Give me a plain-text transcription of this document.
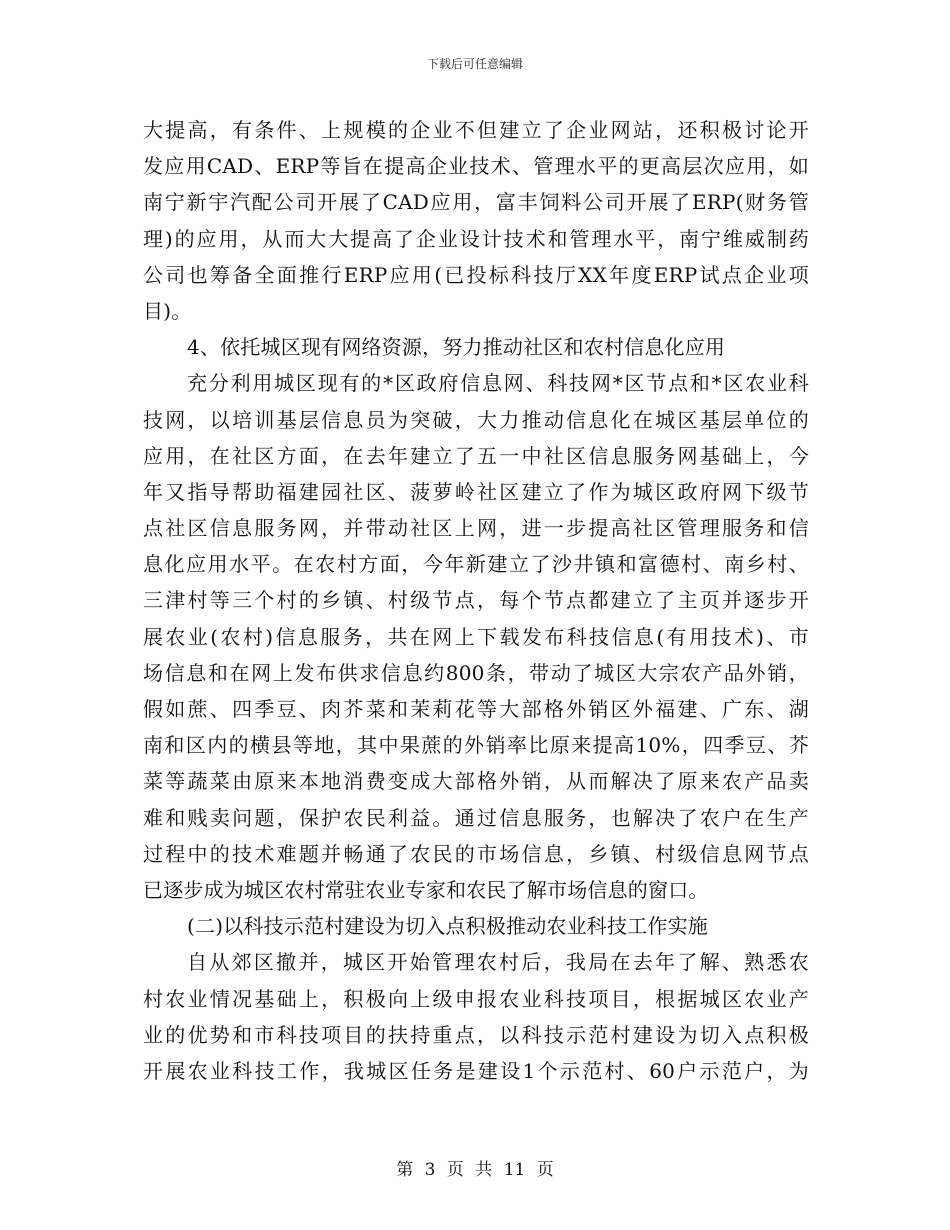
下载后可任意编辑
大提高，有条件、上规模的企业不但建立了企业网站，还积极讨论开
发应用CAD、ERP等旨在提高企业技术、管理水平的更高层次应用，如
南宁新宇汽配公司开展了CAD应用，富丰饲料公司开展了ERP(财务管
理)的应用，从而大大提高了企业设计技术和管理水平，南宁维威制药
公司也筹备全面推行ERP应用(已投标科技厅XX年度ERP试点企业项
目)。
4、依托城区现有网络资源，努力推动社区和农村信息化应用
充分利用城区现有的*区政府信息网、科技网*区节点和*区农业科
技网，以培训基层信息员为突破，大力推动信息化在城区基层单位的
应用，在社区方面，在去年建立了五一中社区信息服务网基础上，今
年又指导帮助福建园社区、菠萝岭社区建立了作为城区政府网下级节
点社区信息服务网，并带动社区上网，进一步提高社区管理服务和信
息化应用水平。在农村方面，今年新建立了沙井镇和富德村、南乡村、
三津村等三个村的乡镇、村级节点，每个节点都建立了主页并逐步开
展农业(农村)信息服务，共在网上下载发布科技信息(有用技术)、市
场信息和在网上发布供求信息约800条，带动了城区大宗农产品外销，
假如蔗、四季豆、肉芥菜和茉莉花等大部格外销区外福建、广东、湖
南和区内的横县等地，其中果蔗的外销率比原来提高10%，四季豆、芥
菜等蔬菜由原来本地消费变成大部格外销，从而解决了原来农产品卖
难和贱卖问题，保护农民利益。通过信息服务，也解决了农户在生产
过程中的技术难题并畅通了农民的市场信息，乡镇、村级信息网节点
已逐步成为城区农村常驻农业专家和农民了解市场信息的窗口。
(二)以科技示范村建设为切入点积极推动农业科技工作实施
自从郊区撤并，城区开始管理农村后，我局在去年了解、熟悉农
村农业情况基础上，积极向上级申报农业科技项目，根据城区农业产
业的优势和市科技项目的扶持重点，以科技示范村建设为切入点积极
开展农业科技工作，我城区任务是建设1个示范村、60户示范户，为
第 3 页 共 11 页
